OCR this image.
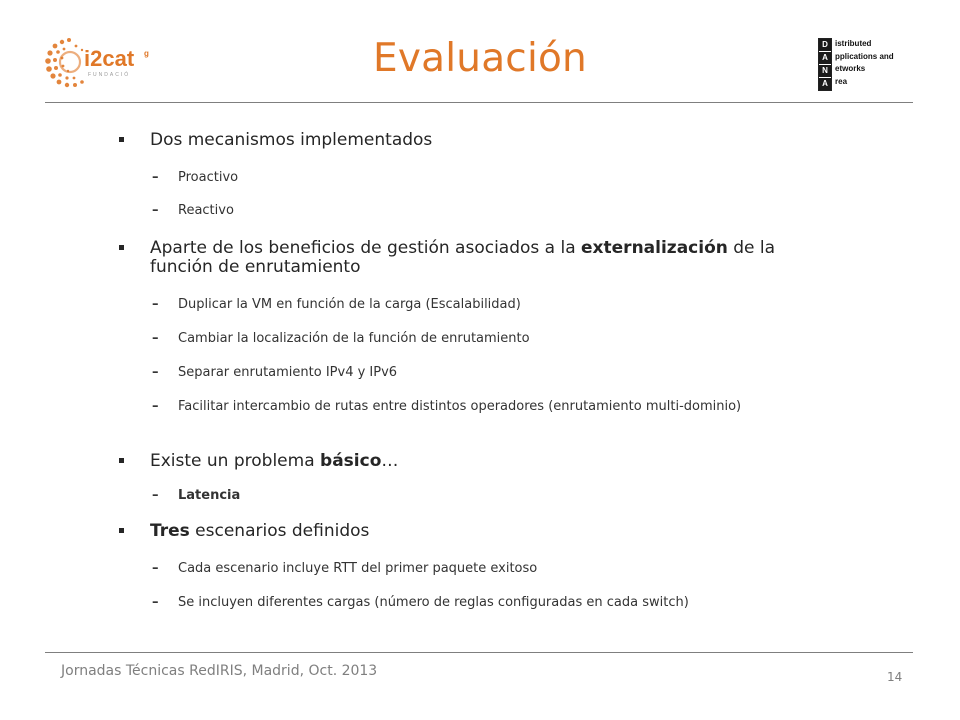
i2cat g
FUNDACIÓ	Evaluación	D
A
N
A
istributed
pplications and
etworks
rea
Dos mecanismos implementados
– Proactivo
– Reactivo
Aparte de los beneficios de gestión asociados a la externalización de la función de enrutamiento
– Duplicar la VM en función de la carga (Escalabilidad)
– Cambiar la localización de la función de enrutamiento
– Separar enrutamiento IPv4 y IPv6
– Facilitar intercambio de rutas entre distintos operadores (enrutamiento multi-dominio)
Existe un problema básico…
– Latencia
Tres escenarios definidos
– Cada escenario incluye RTT del primer paquete exitoso
– Se incluyen diferentes cargas (número de reglas configuradas en cada switch)
Jornadas Técnicas RedIRIS, Madrid, Oct. 2013	14
